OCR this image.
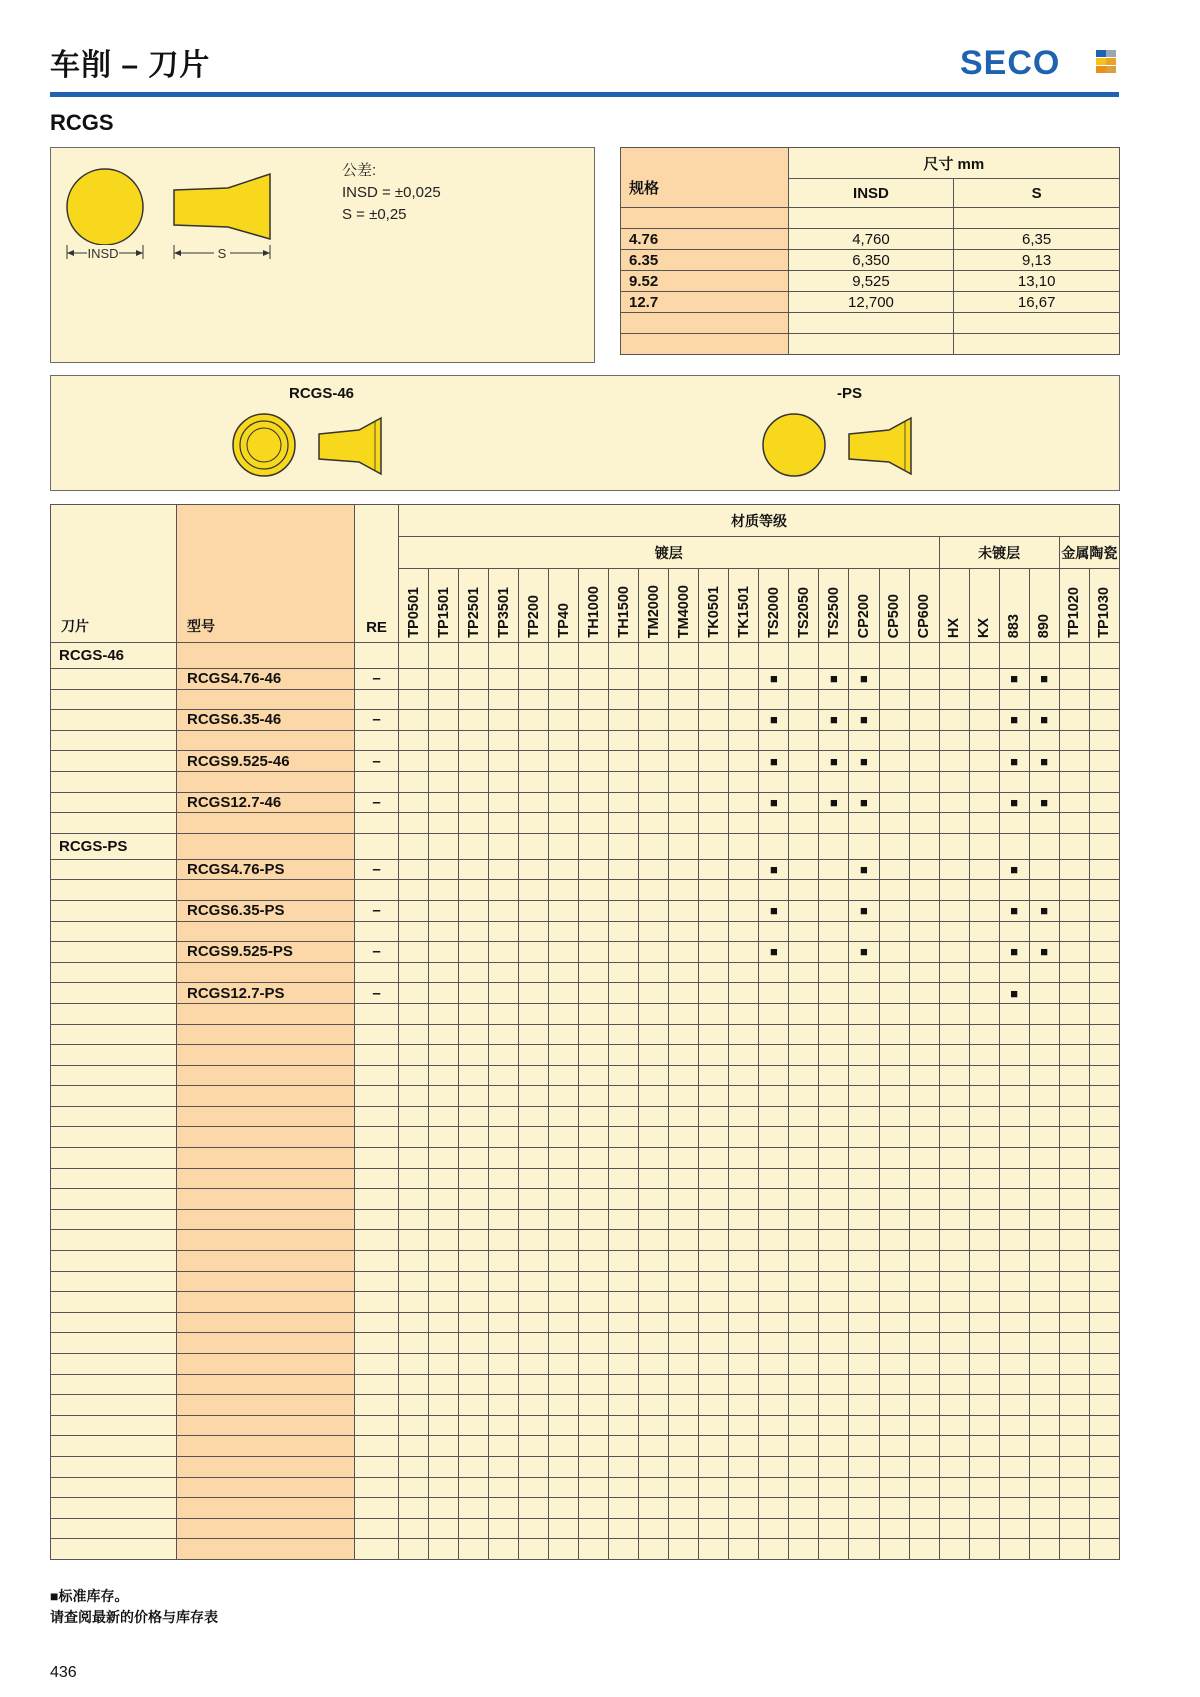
车削 – 刀片	SECO
RCGS
INSD	S
公差:
INSD = ±0,025
S = ±0,25
规格	尺寸 mm	
	INSD	S

4.76	4,760	6,35
6.35	6,350	9,13
9.52	9,525	13,10
12.7	12,700	16,67

RCGS-46	-PS
刀片	型号	RE	材质等级																							
			镀层																		未镀层				金属陶瓷	
			TP0501	TP1501	TP2501	TP3501	TP200	TP40	TH1000	TH1500	TM2000	TM4000	TK0501	TK1501	TS2000	TS2050	TS2500	CP200	CP500	CP600	HX	KX	883	890	TP1020	TP1030
RCGS-46																										
	RCGS4.76-46	–													■		■	■					■	■		

	RCGS6.35-46	–													■		■	■					■	■		

	RCGS9.525-46	–													■		■	■					■	■		

	RCGS12.7-46	–													■		■	■					■	■		

RCGS-PS																										
	RCGS4.76-PS	–													■			■					■			

	RCGS6.35-PS	–													■			■					■	■		

	RCGS9.525-PS	–													■			■					■	■		

	RCGS12.7-PS	–																					■			

■标准库存。
请查阅最新的价格与库存表
436
